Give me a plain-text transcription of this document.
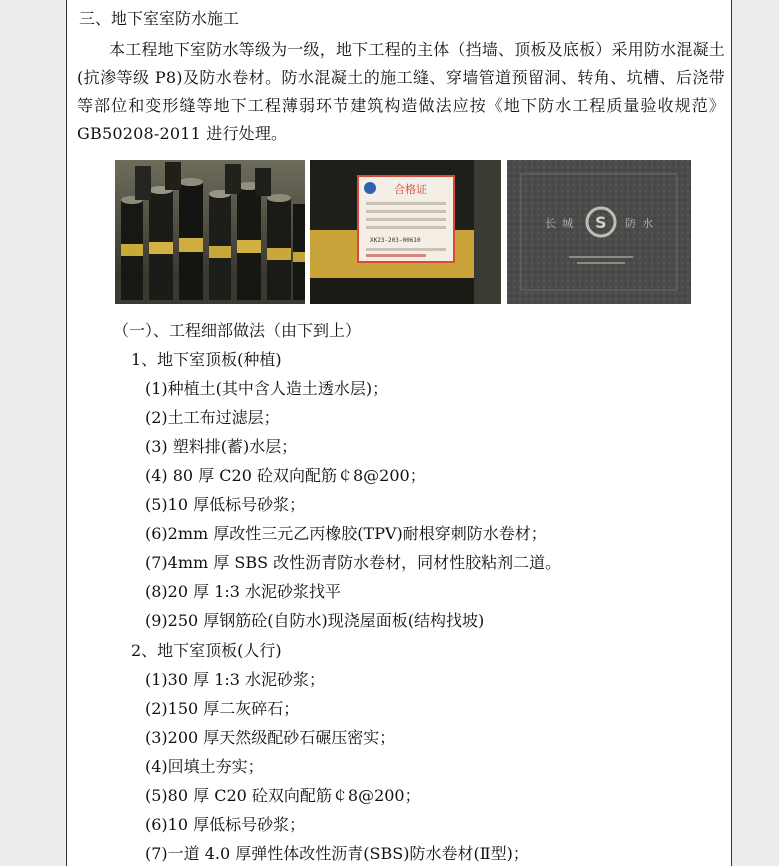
三、地下室室防水施工
本工程地下室防水等级为一级，地下工程的主体（挡墙、顶板及底板）采用防水混凝土(抗渗等级 P8)及防水卷材。防水混凝土的施工缝、穿墙管道预留洞、转角、坑槽、后浇带等部位和变形缝等地下工程薄弱环节建筑构造做法应按《地下防水工程质量验收规范》GB50208-2011 进行处理。
合格证
XK23-203-00610
S
长城	防水
（一）、工程细部做法（由下到上）
1、地下室顶板(种植)
(1)种植土(其中含人造土透水层)；
(2)土工布过滤层；
(3) 塑料排(蓄)水层；
(4) 80 厚 C20 砼双向配筋￠8@200；
(5)10 厚低标号砂浆；
(6)2mm 厚改性三元乙丙橡胶(TPV)耐根穿刺防水卷材；
(7)4mm 厚 SBS 改性沥青防水卷材，同材性胶粘剂二道。
(8)20 厚 1:3 水泥砂浆找平
(9)250 厚钢筋砼(自防水)现浇屋面板(结构找坡)
2、地下室顶板(人行)
(1)30 厚 1:3 水泥砂浆；
(2)150 厚二灰碎石；
(3)200 厚天然级配砂石碾压密实；
(4)回填土夯实；
(5)80 厚 C20 砼双向配筋￠8@200；
(6)10 厚低标号砂浆；
(7)一道 4.0 厚弹性体改性沥青(SBS)防水卷材(Ⅱ型)；
